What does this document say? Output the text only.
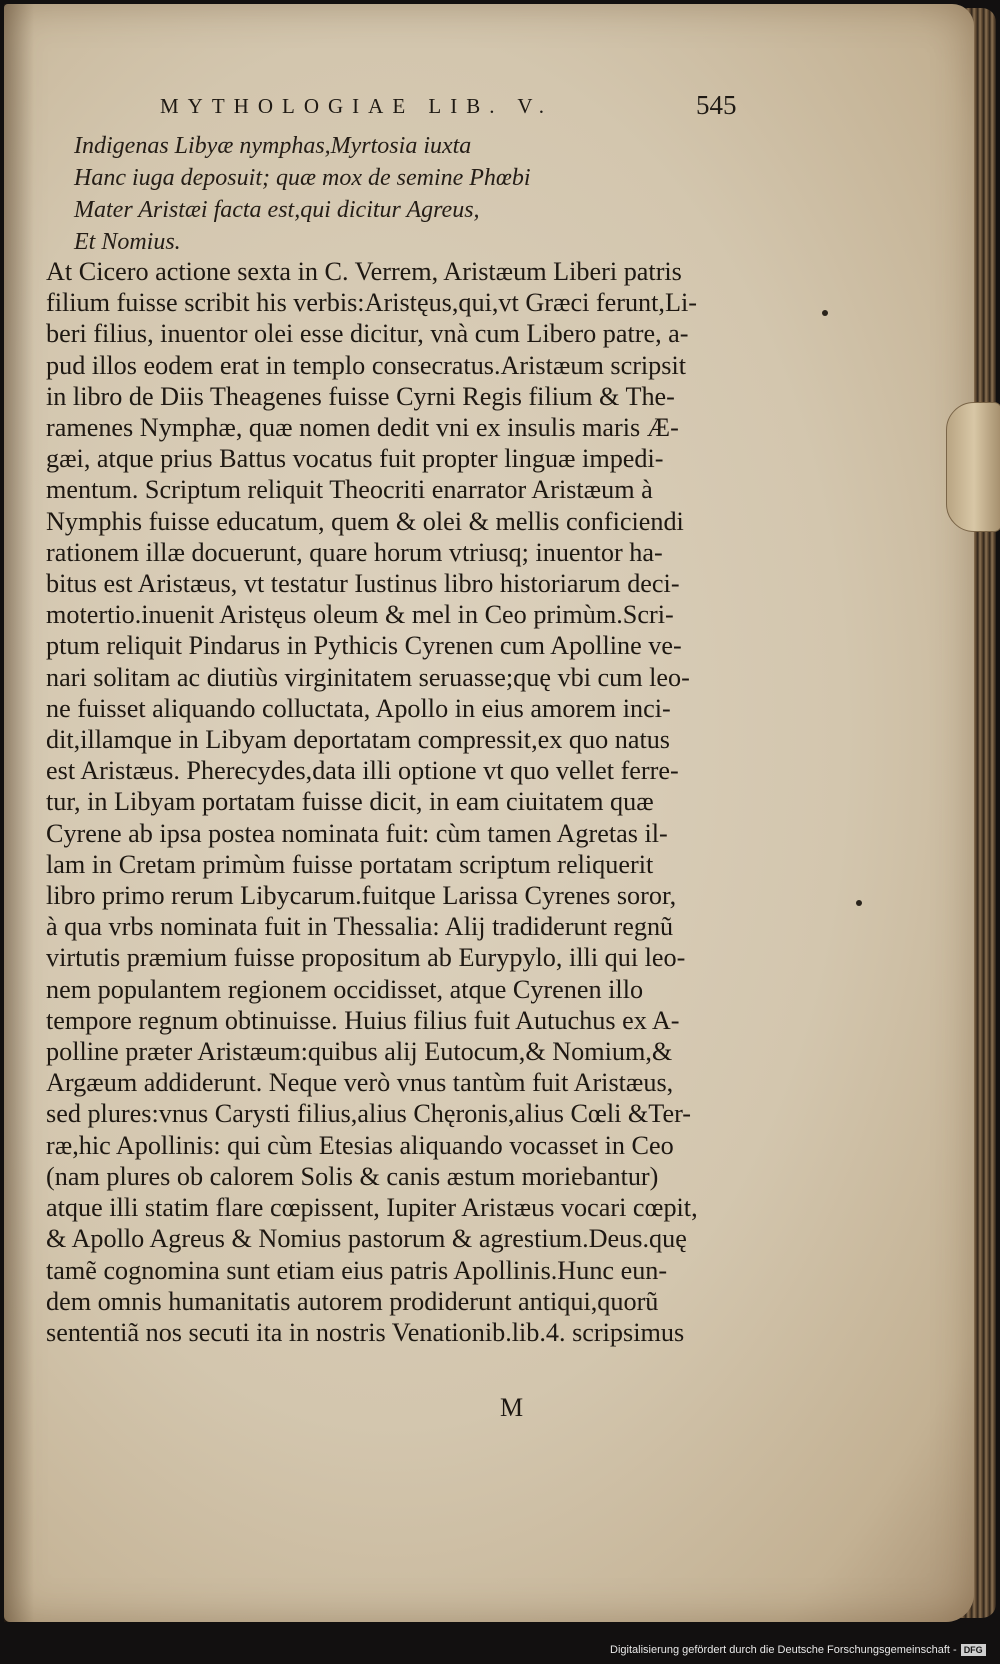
MYTHOLOGIAE LIB. V.	545
Indigenas Libyæ nymphas,Myrtosia iuxta
Hanc iuga deposuit; quæ mox de semine Phœbi
Mater Aristæi facta est,qui dicitur Agreus,
Et Nomius.
At Cicero actione sexta in C. Verrem, Aristæum Liberi patris
filium fuisse scribit his verbis:Aristęus,qui,vt Græci ferunt,Li-
beri filius, inuentor olei esse dicitur, vnà cum Libero patre, a-
pud illos eodem erat in templo consecratus.Aristæum scripsit
in libro de Diis Theagenes fuisse Cyrni Regis filium & The-
ramenes Nymphæ, quæ nomen dedit vni ex insulis maris Æ-
gæi, atque prius Battus vocatus fuit propter linguæ impedi-
mentum. Scriptum reliquit Theocriti enarrator Aristæum à
Nymphis fuisse educatum, quem & olei & mellis conficiendi
rationem illæ docuerunt, quare horum vtriusq; inuentor ha-
bitus est Aristæus, vt testatur Iustinus libro historiarum deci-
motertio.inuenit Aristęus oleum & mel in Ceo primùm.Scri-
ptum reliquit Pindarus in Pythicis Cyrenen cum Apolline ve-
nari solitam ac diutiùs virginitatem seruasse;quę vbi cum leo-
ne fuisset aliquando colluctata, Apollo in eius amorem inci-
dit,illamque in Libyam deportatam compressit,ex quo natus
est Aristæus. Pherecydes,data illi optione vt quo vellet ferre-
tur, in Libyam portatam fuisse dicit, in eam ciuitatem quæ
Cyrene ab ipsa postea nominata fuit: cùm tamen Agretas il-
lam in Cretam primùm fuisse portatam scriptum reliquerit
libro primo rerum Libycarum.fuitque Larissa Cyrenes soror,
à qua vrbs nominata fuit in Thessalia: Alij tradiderunt regnũ
virtutis præmium fuisse propositum ab Eurypylo, illi qui leo-
nem populantem regionem occidisset, atque Cyrenen illo
tempore regnum obtinuisse. Huius filius fuit Autuchus ex A-
polline præter Aristæum:quibus alij Eutocum,& Nomium,&
Argæum addiderunt. Neque verò vnus tantùm fuit Aristæus,
sed plures:vnus Carysti filius,alius Chęronis,alius Cœli &Ter-
ræ,hic Apollinis: qui cùm Etesias aliquando vocasset in Ceo
(nam plures ob calorem Solis & canis æstum moriebantur)
atque illi statim flare cœpissent, Iupiter Aristæus vocari cœpit,
& Apollo Agreus & Nomius pastorum & agrestium.Deus.quę
tamẽ cognomina sunt etiam eius patris Apollinis.Hunc eun-
dem omnis humanitatis autorem prodiderunt antiqui,quorũ
sententiã nos secuti ita in nostris Venationib.lib.4. scripsimus
M
Digitalisierung gefördert durch die Deutsche Forschungsgemeinschaft - DFG
